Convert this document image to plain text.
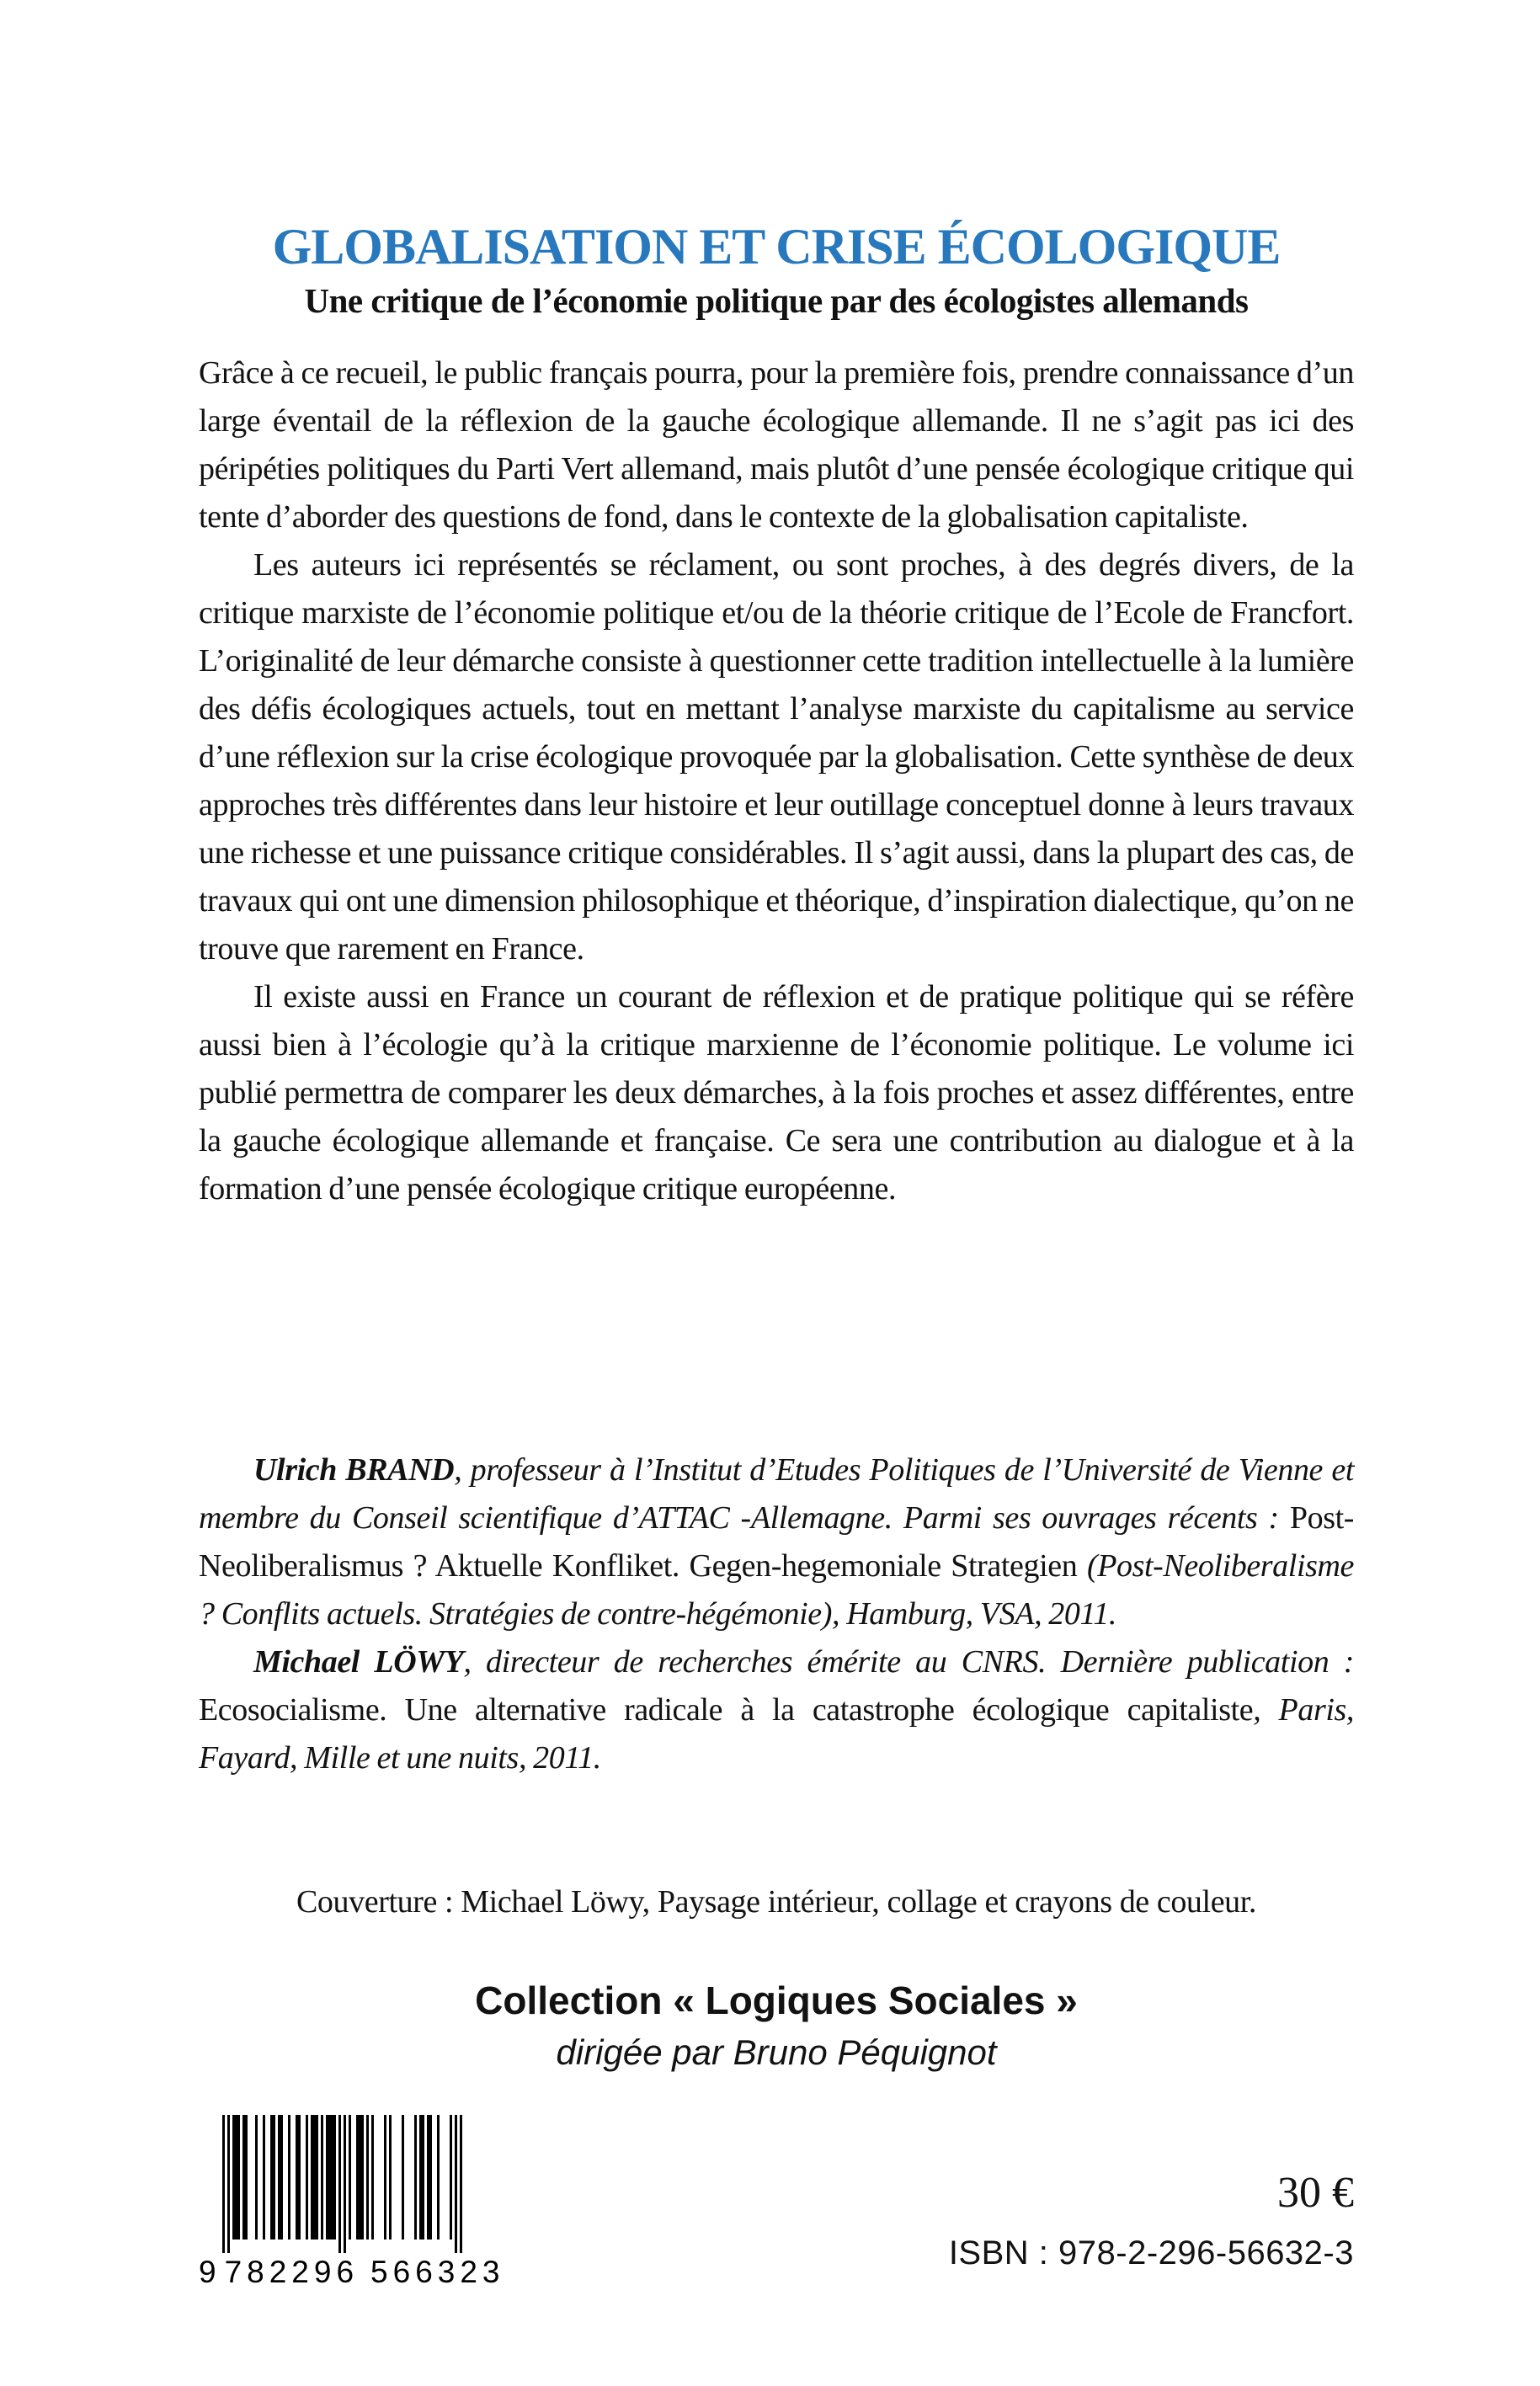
GLOBALISATION ET CRISE ÉCOLOGIQUE
Une critique de l’économie politique par des écologistes allemands

Grâce à ce recueil, le public français pourra, pour la première fois, prendre connaissance d’un large éventail de la réflexion de la gauche écologique allemande. Il ne s’agit pas ici des péripéties politiques du Parti Vert allemand, mais plutôt d’une pensée écologique critique qui tente d’aborder des questions de fond, dans le contexte de la globalisation capitaliste.

Les auteurs ici représentés se réclament, ou sont proches, à des degrés divers, de la critique marxiste de l’économie politique et/ou de la théorie critique de l’Ecole de Francfort. L’originalité de leur démarche consiste à questionner cette tradition intellectuelle à la lumière des défis écologiques actuels, tout en mettant l’analyse marxiste du capitalisme au service d’une réflexion sur la crise écologique provoquée par la globalisation. Cette synthèse de deux approches très différentes dans leur histoire et leur outillage conceptuel donne à leurs travaux une richesse et une puissance critique considérables. Il s’agit aussi, dans la plupart des cas, de travaux qui ont une dimension philosophique et théorique, d’inspiration dialectique, qu’on ne trouve que rarement en France.

Il existe aussi en France un courant de réflexion et de pratique politique qui se réfère aussi bien à l’écologie qu’à la critique marxienne de l’économie politique. Le volume ici publié permettra de comparer les deux démarches, à la fois proches et assez différentes, entre la gauche écologique allemande et française. Ce sera une contribution au dialogue et à la formation d’une pensée écologique critique européenne.

Ulrich BRAND, professeur à l’Institut d’Etudes Politiques de l’Université de Vienne et membre du Conseil scientifique d’ATTAC -Allemagne. Parmi ses ouvrages récents : Post-Neoliberalismus ? Aktuelle Konfliket. Gegen-hegemoniale Strategien (Post-Neoliberalisme ? Conflits actuels. Stratégies de contre-hégémonie), Hamburg, VSA, 2011.

Michael LÖWY, directeur de recherches émérite au CNRS. Dernière publication : Ecosocialisme. Une alternative radicale à la catastrophe écologique capitaliste, Paris, Fayard, Mille et une nuits, 2011.

Couverture : Michael Löwy, Paysage intérieur, collage et crayons de couleur.
Collection « Logiques Sociales »
dirigée par Bruno Péquignot
9 782296 566323
30 €
ISBN : 978-2-296-56632-3
